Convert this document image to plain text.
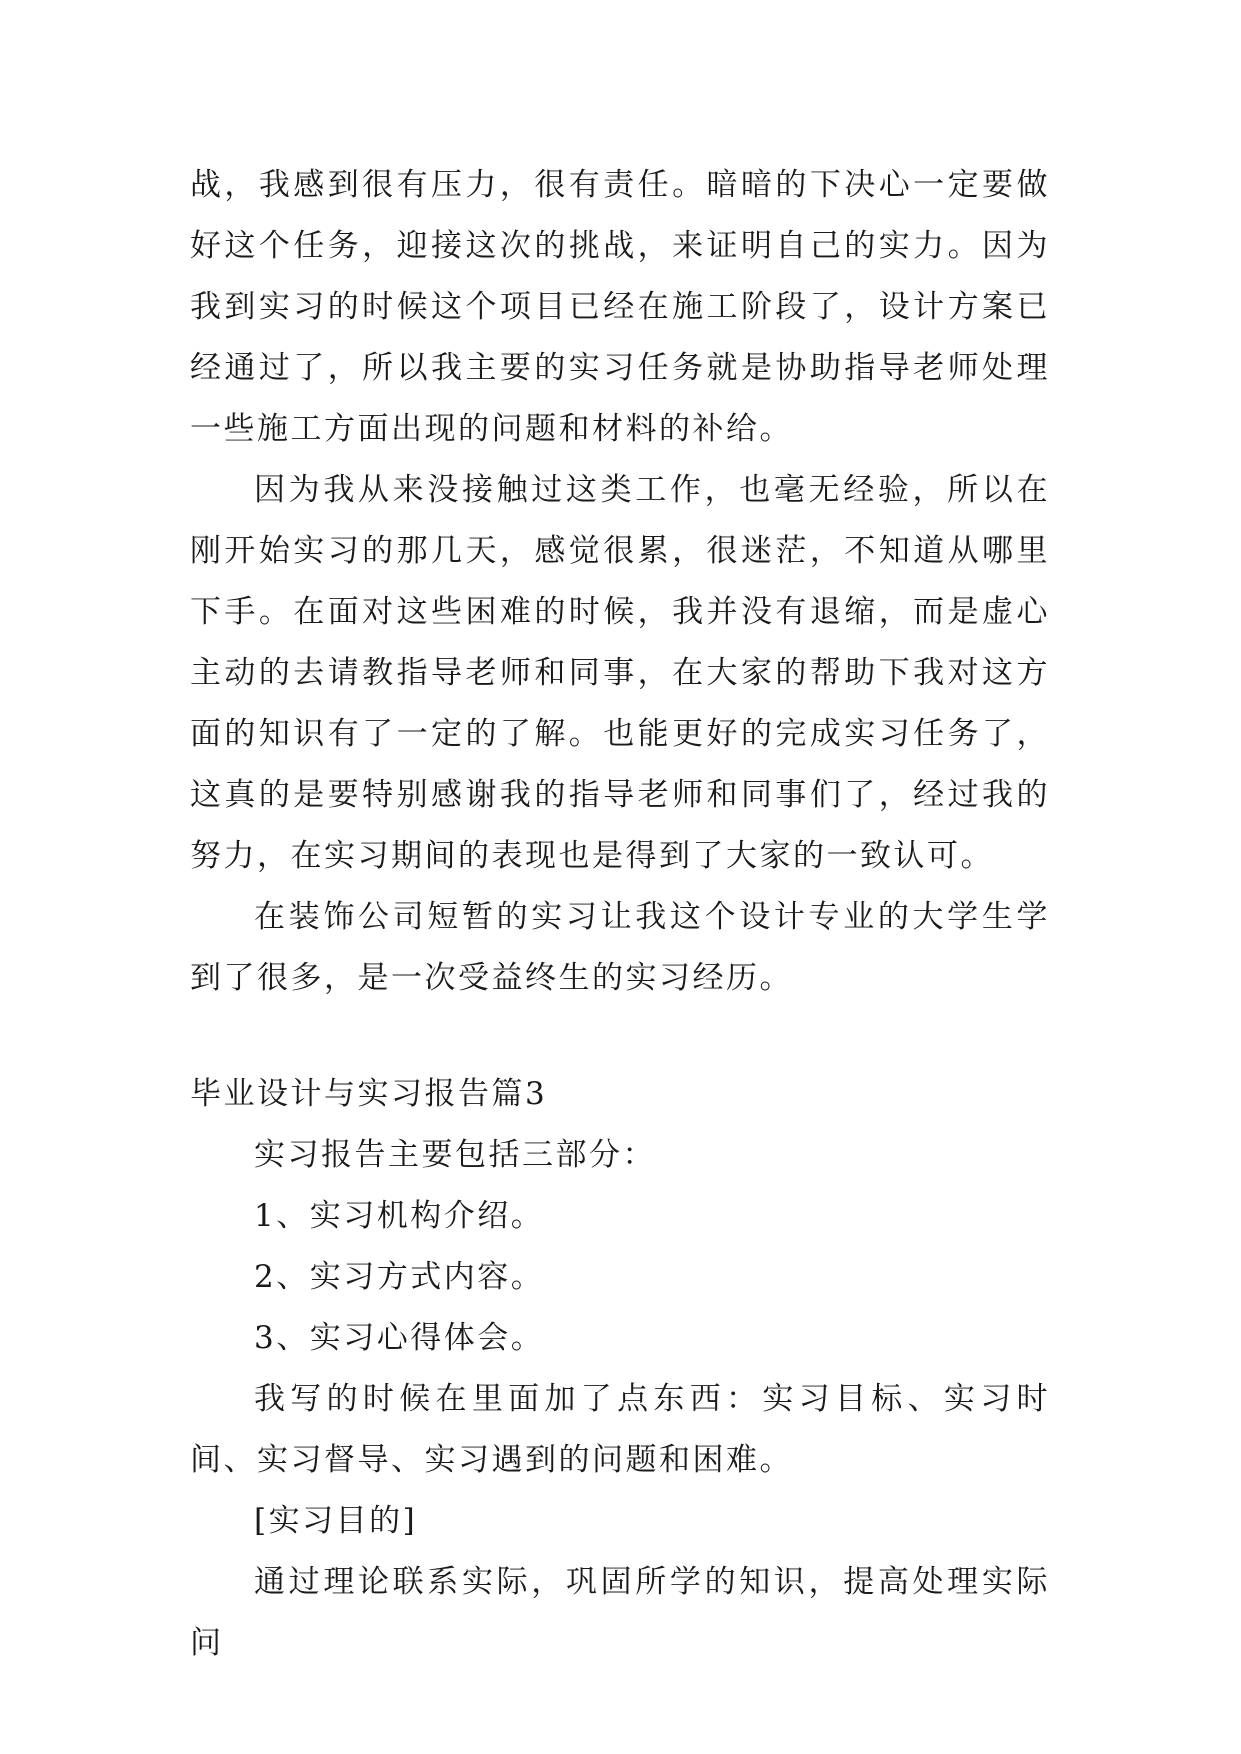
战，我感到很有压力，很有责任。暗暗的下决心一定要做好这个任务，迎接这次的挑战，来证明自己的实力。因为我到实习的时候这个项目已经在施工阶段了，设计方案已经通过了，所以我主要的实习任务就是协助指导老师处理一些施工方面出现的问题和材料的补给。

因为我从来没接触过这类工作，也毫无经验，所以在刚开始实习的那几天，感觉很累，很迷茫，不知道从哪里下手。在面对这些困难的时候，我并没有退缩，而是虚心主动的去请教指导老师和同事，在大家的帮助下我对这方面的知识有了一定的了解。也能更好的完成实习任务了，这真的是要特别感谢我的指导老师和同事们了，经过我的努力，在实习期间的表现也是得到了大家的一致认可。

在装饰公司短暂的实习让我这个设计专业的大学生学到了很多，是一次受益终生的实习经历。

毕业设计与实习报告篇3

实习报告主要包括三部分：

1、实习机构介绍。

2、实习方式内容。

3、实习心得体会。

我写的时候在里面加了点东西：实习目标、实习时间、实习督导、实习遇到的问题和困难。

[实习目的]

通过理论联系实际，巩固所学的知识，提高处理实际问
